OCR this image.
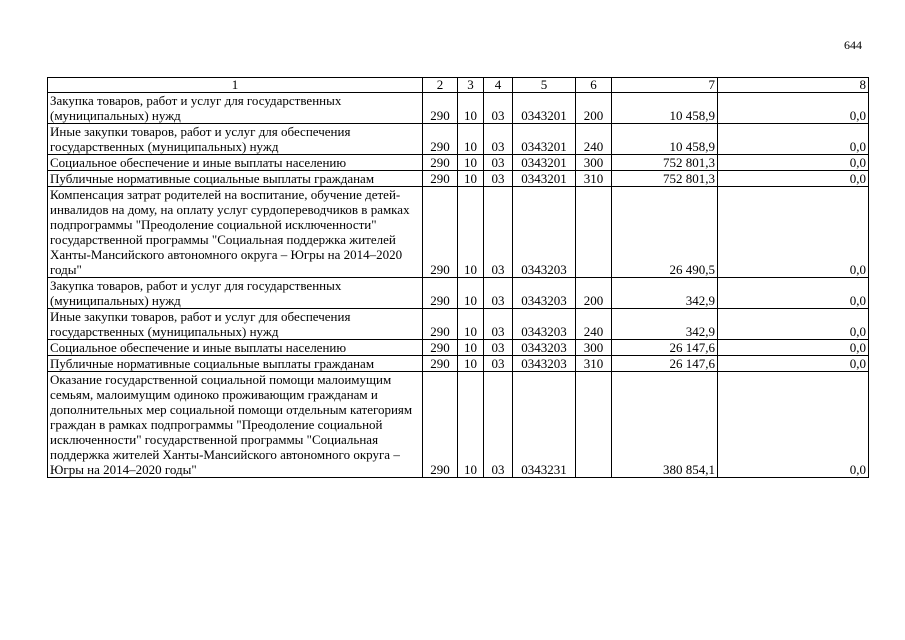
644
1	2	3	4	5	6	7	8
Закупка товаров, работ и услуг для государственных (муниципальных) нужд	290	10	03	0343201	200	10 458,9	0,0
Иные закупки товаров, работ и услуг для обеспечения государственных (муниципальных) нужд	290	10	03	0343201	240	10 458,9	0,0
Социальное обеспечение и иные выплаты населению	290	10	03	0343201	300	752 801,3	0,0
Публичные нормативные социальные выплаты гражданам	290	10	03	0343201	310	752 801,3	0,0
Компенсация затрат родителей на воспитание, обучение детей-инвалидов на дому, на оплату услуг сурдопереводчиков в рамках подпрограммы "Преодоление социальной исключенности" государственной программы "Социальная поддержка жителей Ханты-Мансийского автономного округа – Югры на 2014–2020 годы"	290	10	03	0343203		26 490,5	0,0
Закупка товаров, работ и услуг для государственных (муниципальных) нужд	290	10	03	0343203	200	342,9	0,0
Иные закупки товаров, работ и услуг для обеспечения государственных (муниципальных) нужд	290	10	03	0343203	240	342,9	0,0
Социальное обеспечение и иные выплаты населению	290	10	03	0343203	300	26 147,6	0,0
Публичные нормативные социальные выплаты гражданам	290	10	03	0343203	310	26 147,6	0,0
Оказание государственной социальной помощи малоимущим семьям, малоимущим одиноко проживающим гражданам и дополнительных мер социальной помощи отдельным категориям граждан в рамках подпрограммы "Преодоление социальной исключенности" государственной программы "Социальная поддержка жителей Ханты-Мансийского автономного округа – Югры на 2014–2020 годы"	290	10	03	0343231		380 854,1	0,0
